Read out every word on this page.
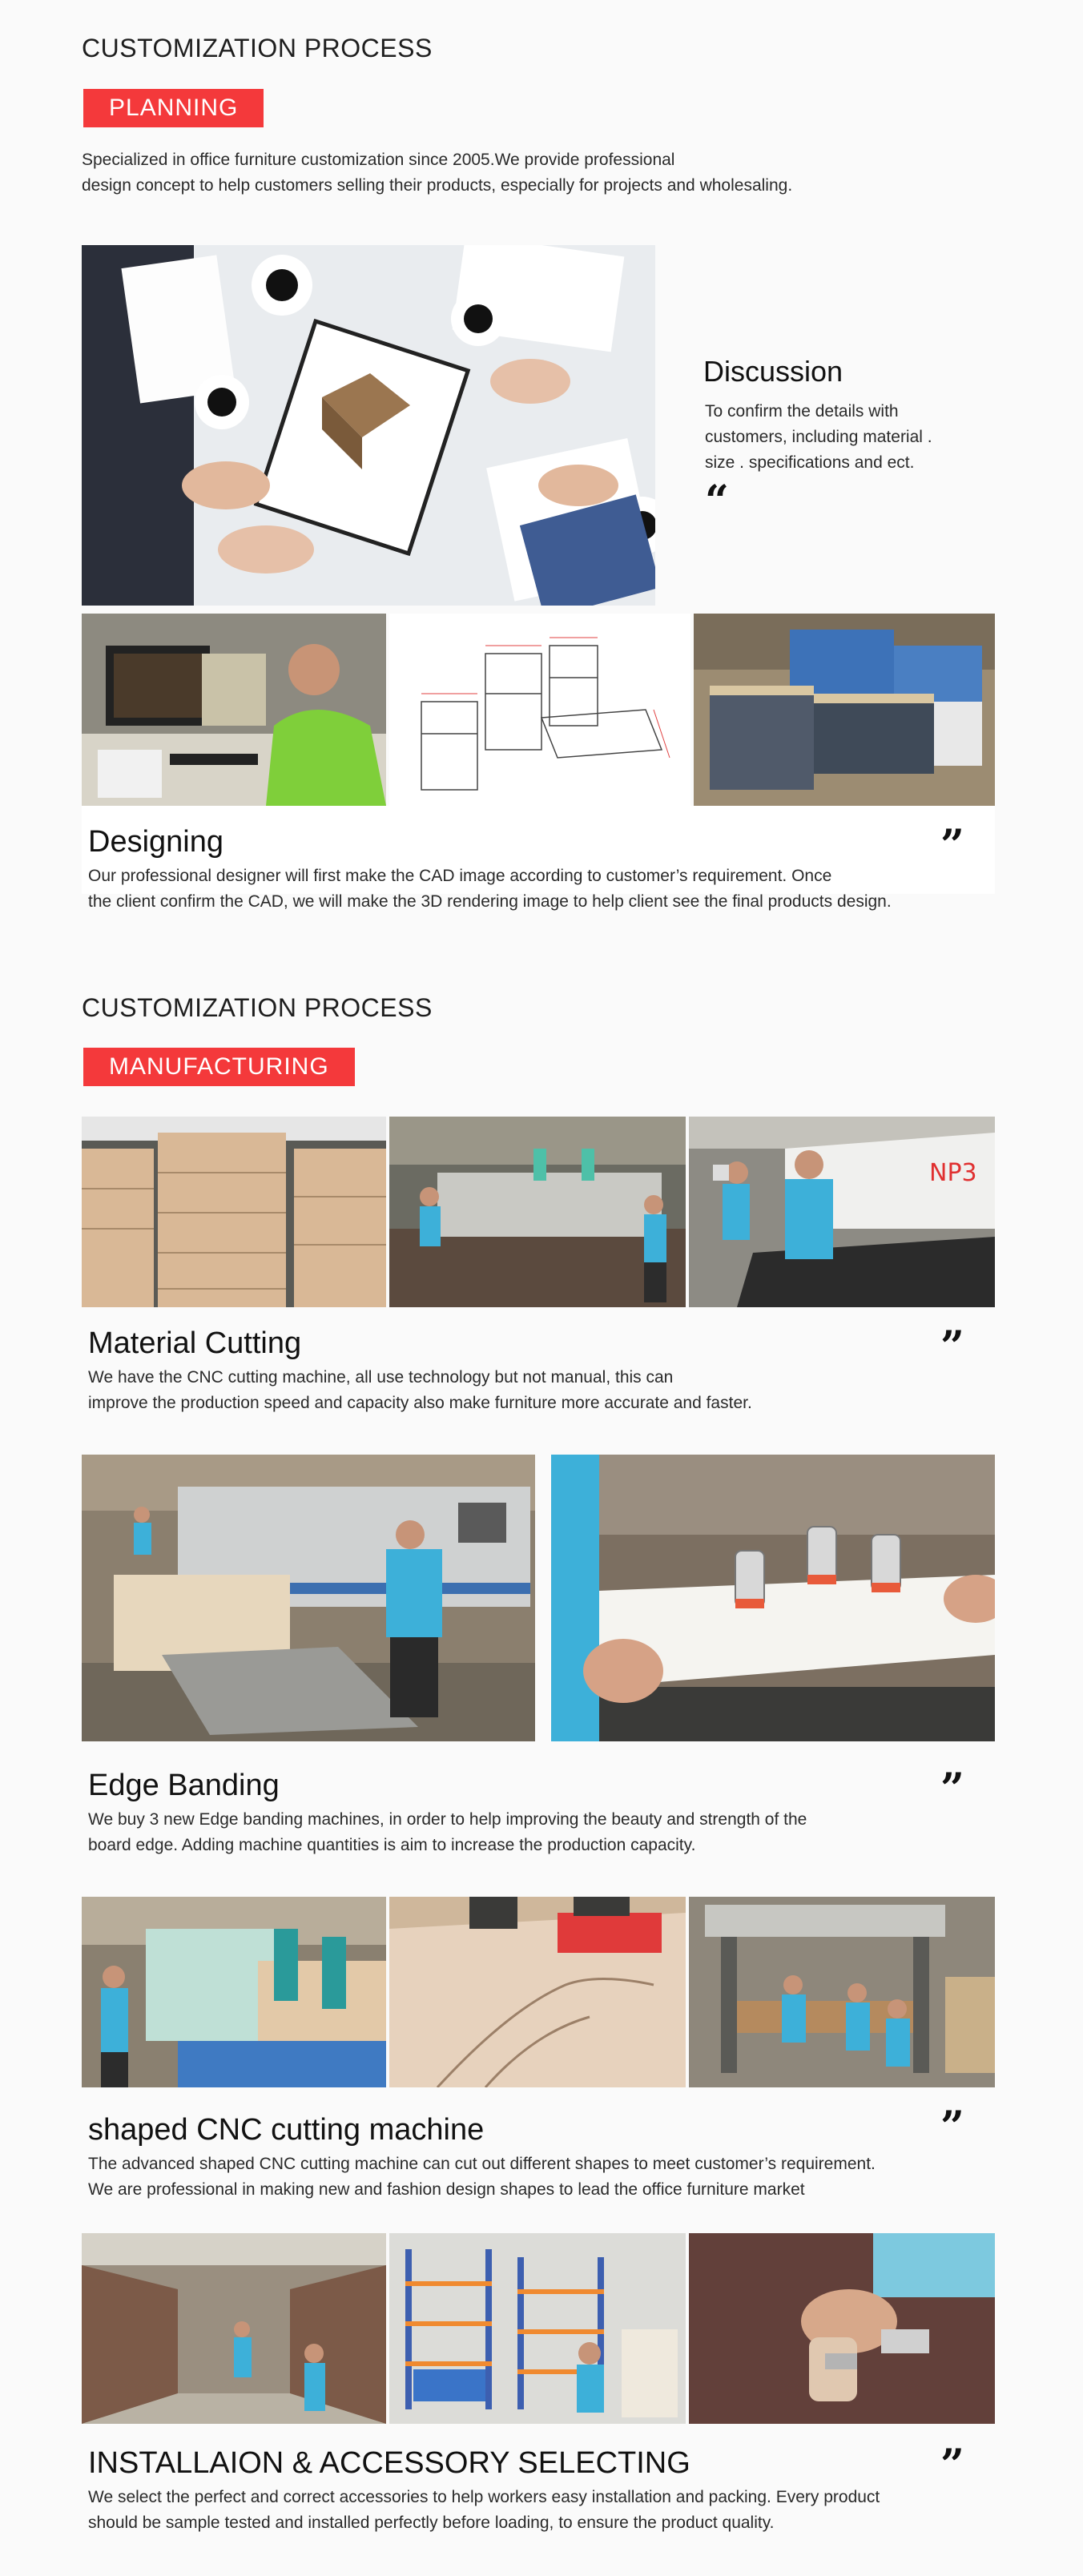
CUSTOMIZATION PROCESS
PLANNING
Specialized in office furniture customization since 2005.We provide professional
design concept to help customers selling their products, especially for projects and wholesaling.
Discussion
To confirm the details with
customers, including material .
size . specifications and ect.
“
Designing	”
Our professional designer will first make the CAD image according to customer’s requirement. Once
the client confirm the CAD, we will make the 3D rendering image to help client see the final products design.
CUSTOMIZATION PROCESS
MANUFACTURING
NP3
Material Cutting	”
We have the CNC cutting machine, all use technology but not manual, this can
improve the production speed and capacity also make furniture more accurate and faster.
Edge Banding	”
We buy 3 new Edge banding machines, in order to help improving the beauty and strength of the
board edge. Adding machine quantities is aim to increase the production capacity.
shaped CNC cutting machine	”
The advanced shaped CNC cutting machine can cut out different shapes to meet customer’s requirement.
We are professional in making new and fashion design shapes to lead the office furniture market
INSTALLAION & ACCESSORY SELECTING	”
We select the perfect and correct accessories to help workers easy installation and packing. Every product
should be sample tested and installed perfectly before loading, to ensure the product quality.
